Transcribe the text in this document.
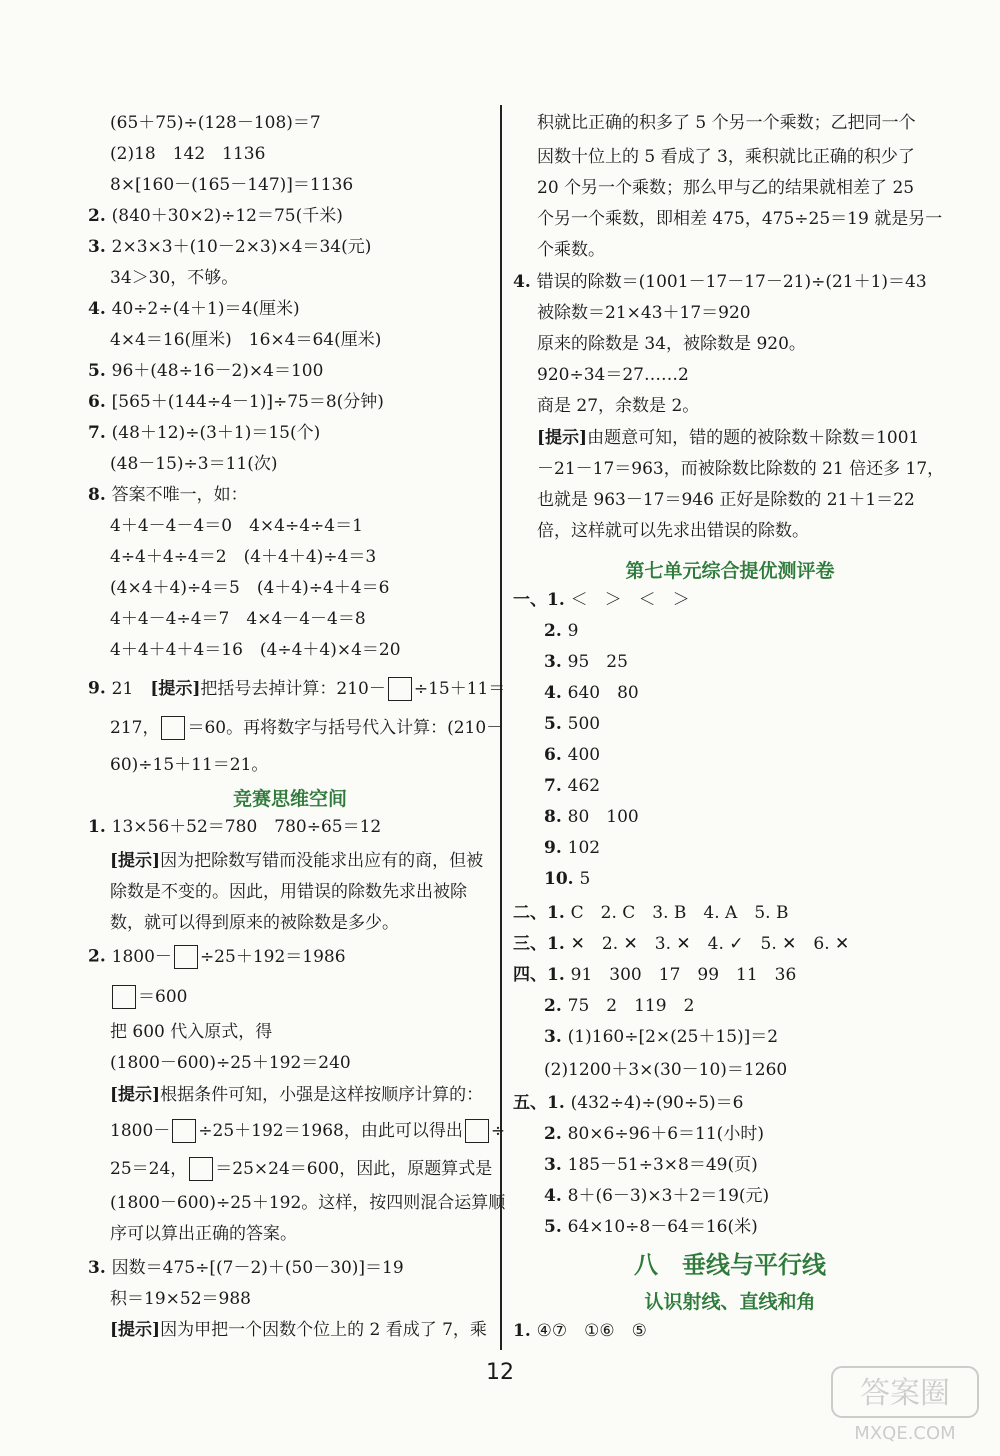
竞赛思维空间
第七单元综合提优测评卷
八　垂线与平行线
认识射线、直线和角
12
答案圈
MXQE.COM
(65＋75)÷(128－108)＝7
(2)18　142　1136
8×[160－(165－147)]＝1136
2. (840＋30×2)÷12＝75(千米)
3. 2×3×3＋(10－2×3)×4＝34(元)
34＞30，不够。
4. 40÷2÷(4＋1)＝4(厘米)
4×4＝16(厘米)　16×4＝64(厘米)
5. 96＋(48÷16－2)×4＝100
6. [565＋(144÷4－1)]÷75＝8(分钟)
7. (48＋12)÷(3＋1)＝15(个)
(48－15)÷3＝11(次)
8. 答案不唯一，如：
4＋4－4－4＝0　4×4÷4÷4＝1
4÷4＋4÷4＝2　(4＋4＋4)÷4＝3
(4×4＋4)÷4＝5　(4＋4)÷4＋4＝6
4＋4－4÷4＝7　4×4－4－4＝8
4＋4＋4＋4＝16　(4÷4＋4)×4＝20
9. 21　[提示]把括号去掉计算：210－ ÷15＋11＝
217， ＝60。再将数字与括号代入计算：(210－
60)÷15＋11＝21。
1. 13×56＋52＝780　780÷65＝12
[提示]因为把除数写错而没能求出应有的商，但被
除数是不变的。因此，用错误的除数先求出被除
数，就可以得到原来的被除数是多少。
2. 1800－ ÷25＋192＝1986
＝600
把 600 代入原式，得
(1800－600)÷25＋192＝240
[提示]根据条件可知，小强是这样按顺序计算的：
1800－ ÷25＋192＝1968，由此可以得出 ÷
25＝24， ＝25×24＝600，因此，原题算式是
(1800－600)÷25＋192。这样，按四则混合运算顺
序可以算出正确的答案。
3. 因数＝475÷[(7－2)＋(50－30)]＝19
积＝19×52＝988
[提示]因为甲把一个因数个位上的 2 看成了 7，乘
积就比正确的积多了 5 个另一个乘数；乙把同一个
因数十位上的 5 看成了 3，乘积就比正确的积少了
20 个另一个乘数；那么甲与乙的结果就相差了 25
个另一个乘数，即相差 475，475÷25＝19 就是另一
个乘数。
4. 错误的除数＝(1001－17－17－21)÷(21＋1)＝43
被除数＝21×43＋17＝920
原来的除数是 34，被除数是 920。
920÷34＝27……2
商是 27，余数是 2。
[提示]由题意可知，错的题的被除数＋除数＝1001
－21－17＝963，而被除数比除数的 21 倍还多 17，
也就是 963－17＝946 正好是除数的 21＋1＝22
倍，这样就可以先求出错误的除数。
一、1. ＜　＞　＜　＞
2. 9
3. 95　25
4. 640　80
5. 500
6. 400
7. 462
8. 80　100
9. 102
10. 5
二、1. C　2. C　3. B　4. A　5. B
三、1. ✕　2. ✕　3. ✕　4. ✓　5. ✕　6. ✕
四、1. 91　300　17　99　11　36
2. 75　2　119　2
3. (1)160÷[2×(25＋15)]＝2
(2)1200＋3×(30－10)＝1260
五、1. (432÷4)÷(90÷5)＝6
2. 80×6÷96＋6＝11(小时)
3. 185－51÷3×8＝49(页)
4. 8＋(6－3)×3＋2＝19(元)
5. 64×10÷8－64＝16(米)
1. ④⑦　①⑥　⑤
